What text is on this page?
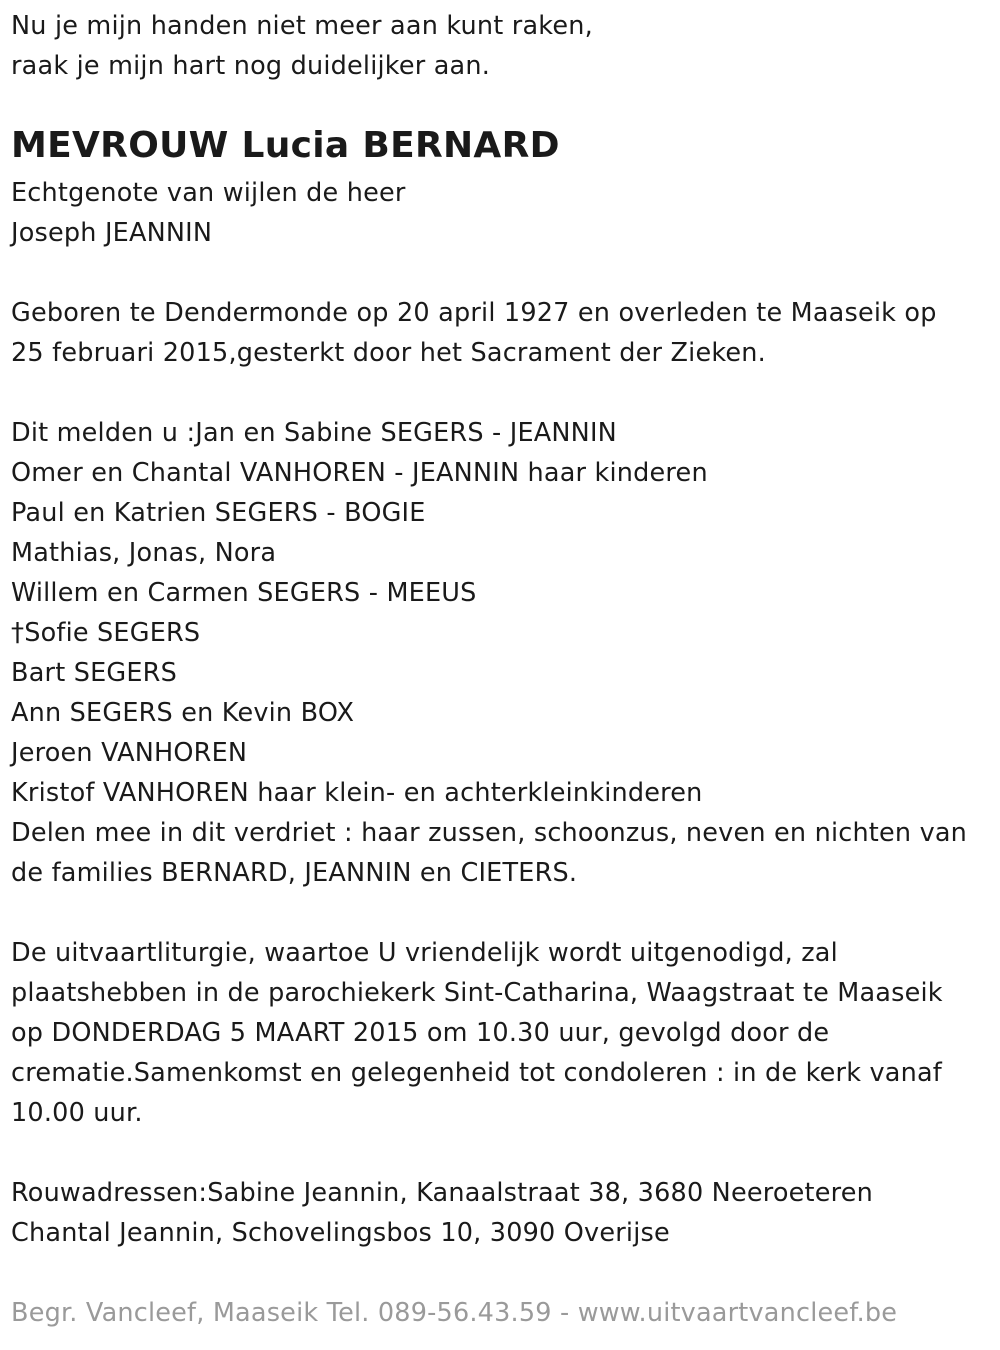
Nu je mijn handen niet meer aan kunt raken,
raak je mijn hart nog duidelijker aan.
MEVROUW Lucia BERNARD
Echtgenote van wijlen de heer
Joseph JEANNIN
Geboren te Dendermonde op 20 april 1927 en overleden te Maaseik op
25 februari 2015,gesterkt door het Sacrament der Zieken.
Dit melden u :Jan en Sabine SEGERS - JEANNIN
Omer en Chantal VANHOREN - JEANNIN haar kinderen
Paul en Katrien SEGERS - BOGIE
Mathias, Jonas, Nora
Willem en Carmen SEGERS - MEEUS
†Sofie SEGERS
Bart SEGERS
Ann SEGERS en Kevin BOX
Jeroen VANHOREN
Kristof VANHOREN haar klein- en achterkleinkinderen
Delen mee in dit verdriet : haar zussen, schoonzus, neven en nichten van
de families BERNARD, JEANNIN en CIETERS.
De uitvaartliturgie, waartoe U vriendelijk wordt uitgenodigd, zal
plaatshebben in de parochiekerk Sint-Catharina, Waagstraat te Maaseik
op DONDERDAG 5 MAART 2015 om 10.30 uur, gevolgd door de
crematie.Samenkomst en gelegenheid tot condoleren : in de kerk vanaf
10.00 uur.
Rouwadressen:Sabine Jeannin, Kanaalstraat 38, 3680 Neeroeteren
Chantal Jeannin, Schovelingsbos 10, 3090 Overijse
Begr. Vancleef, Maaseik Tel. 089-56.43.59 - www.uitvaartvancleef.be
